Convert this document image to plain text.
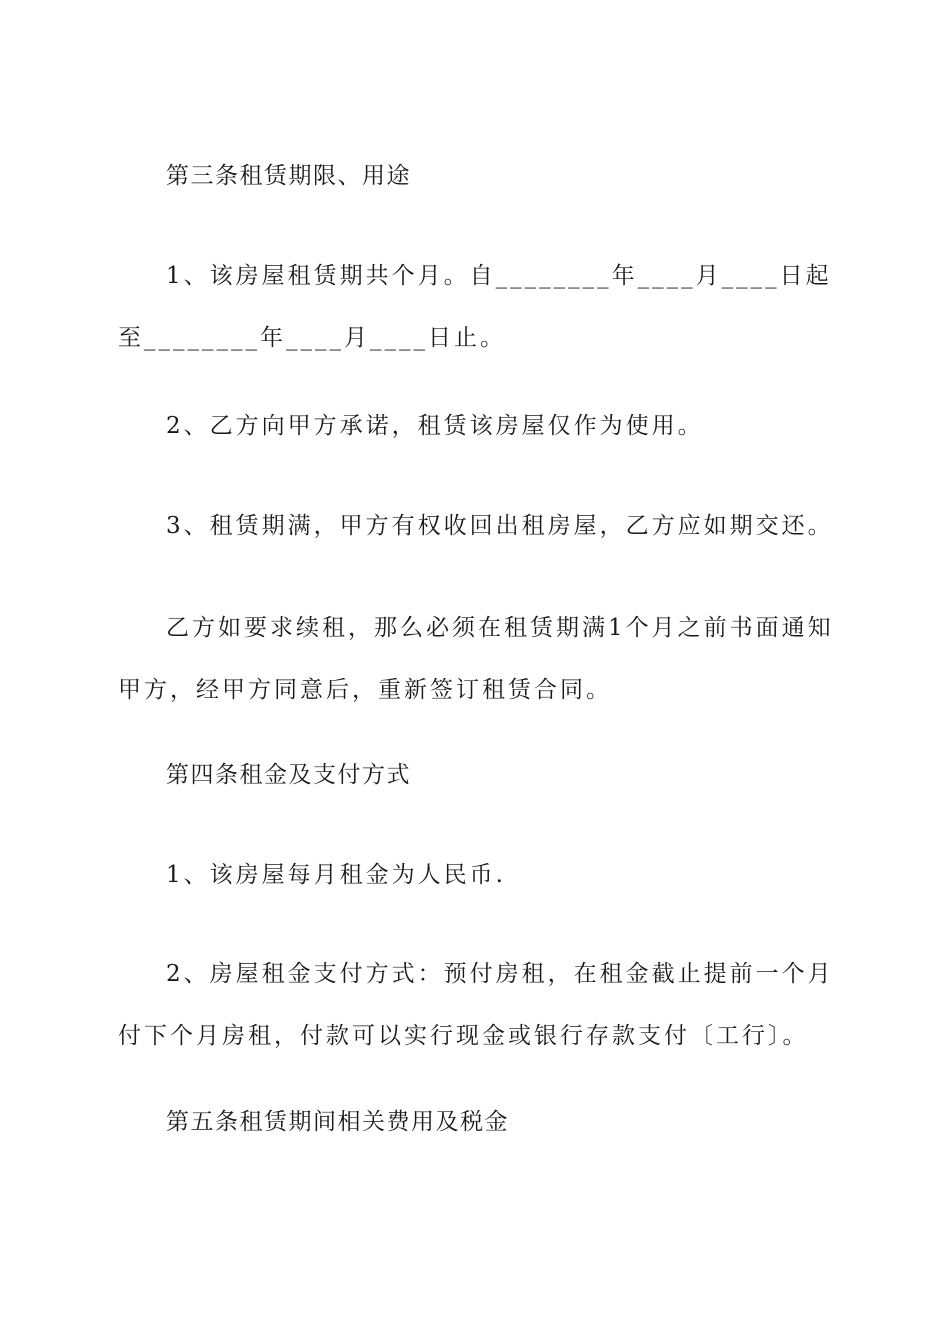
第三条租赁期限、用途

1、该房屋租赁期共个月。自________年____月____日起至________年____月____日止。

2、乙方向甲方承诺，租赁该房屋仅作为使用。

3、租赁期满，甲方有权收回出租房屋，乙方应如期交还。

乙方如要求续租，那么必须在租赁期满1个月之前书面通知甲方，经甲方同意后，重新签订租赁合同。

第四条租金及支付方式

1、该房屋每月租金为人民币.

2、房屋租金支付方式：预付房租，在租金截止提前一个月付下个月房租，付款可以实行现金或银行存款支付〔工行〕。

第五条租赁期间相关费用及税金
